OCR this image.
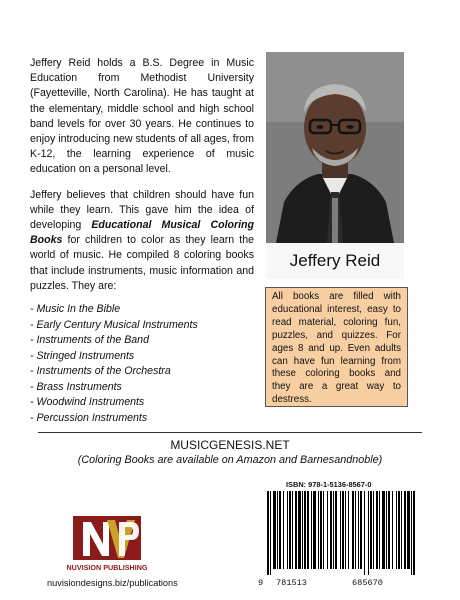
Jeffery Reid holds a B.S. Degree in Music Education from Methodist University (Fayetteville, North Carolina). He has taught at the elementary, middle school and high school band levels for over 30 years. He continues to enjoy introducing new students of all ages, from K-12, the learning experience of music education on a personal level.

Jeffery believes that children should have fun while they learn. This gave him the idea of developing Educational Musical Coloring Books for children to color as they learn the world of music. He compiled 8 coloring books that include instruments, music information and puzzles. They are:

- Music In the Bible
- Early Century Musical Instruments
- Instruments of the Band
- Stringed Instruments
- Instruments of the Orchestra
- Brass Instruments
- Woodwind Instruments
- Percussion Instruments
Jeffery Reid
All books are filled with educational interest, easy to read material, coloring fun, puzzles, and quizzes. For ages 8 and up. Even adults can have fun learning from these coloring books and they are a great way to destress.
MUSICGENESIS.NET
(Coloring Books are available on Amazon and Barnesandnoble)
NUVISION PUBLISHING
nuvisiondesigns.biz/publications
ISBN: 978-1-5136-8567-0
9 781513	685670
